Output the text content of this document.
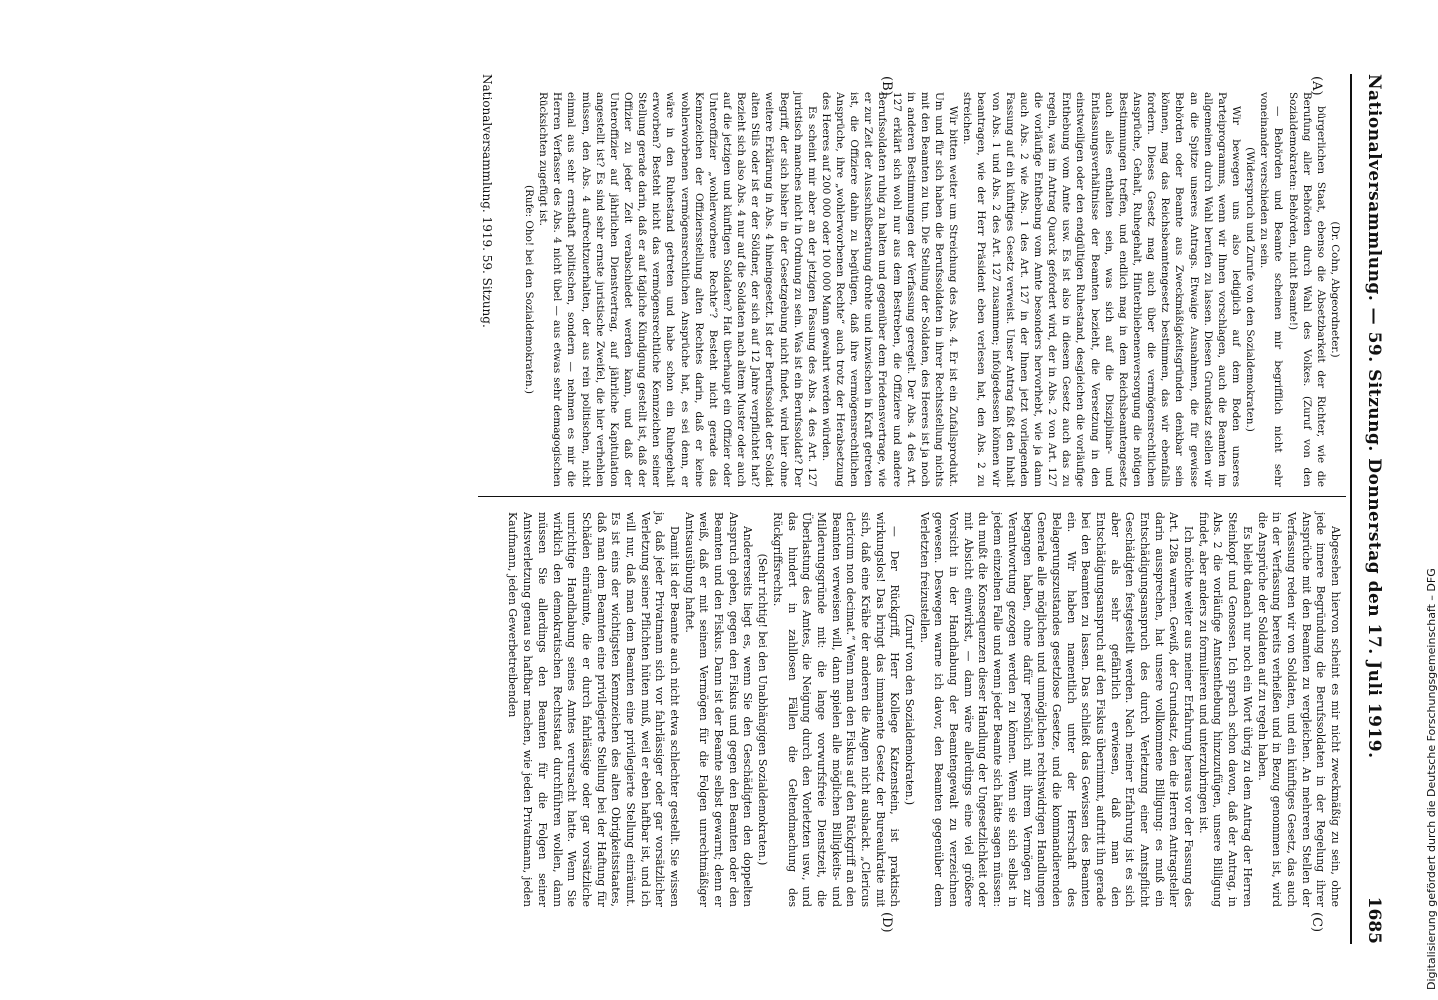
Nationalversammlung. — 59. Sitzung. Donnerstag den 17. Juli 1919.
1685
(A)
(B)
(C)
(D)

(Dr. Cohn, Abgeordneter.)

bürgerlichen Staat, ebenso die Absetzbarkeit der Richter, wie die Berufung aller Behörden durch Wahl des Volkes. (Zuruf von den Sozialdemokraten: Behörden, nicht Beamte!)

— Behörden und Beamte scheinen mir begrifflich nicht sehr voneinander verschieden zu sein.

(Widerspruch und Zurufe von den Sozialdemokraten.)

Wir bewegen uns also lediglich auf dem Boden unseres Parteiprogramms, wenn wir Ihnen vorschlagen, auch die Beamten im allgemeinen durch Wahl berufen zu lassen. Diesen Grundsatz stellen wir an die Spitze unseres Antrags. Etwaige Ausnahmen, die für gewisse Behörden oder Beamte aus Zweckmäßigkeitsgründen denkbar sein können, mag das Reichsbeamtengesetz bestimmen, das wir ebenfalls fordern. Dieses Gesetz mag auch über die vermögensrechtlichen Ansprüche, Gehalt, Ruhegehalt, Hinterbliebenenversorgung die nötigen Bestimmungen treffen, und endlich mag in dem Reichsbeamtengesetz auch alles enthalten sein, was sich auf die Disziplinar- und Entlassungsverhältnisse der Beamten bezieht, die Versetzung in den einstweiligen oder den endgültigen Ruhestand, desgleichen die vorläufige Enthebung vom Amte usw. Es ist also in diesem Gesetz auch das zu regeln, was im Antrag Quarck gefordert wird, der in Abs. 2 von Art. 127 die vorläufige Enthebung vom Amte besonders hervorhebt, wie ja dann auch Abs. 2 wie Abs. 1 des Art. 127 in der Ihnen jetzt vorliegenden Fassung auf ein künftiges Gesetz verweist. Unser Antrag faßt den Inhalt von Abs. 1 und Abs. 2 des Art. 127 zusammen; infolgedessen können wir beantragen, wie der Herr Präsident eben verlesen hat, den Abs. 2 zu streichen.

Wir bitten weiter um Streichung des Abs. 4. Er ist ein Zufallsprodukt. Um und für sich haben die Berufssoldaten in ihrer Rechtsstellung nichts mit den Beamten zu tun. Die Stellung der Soldaten, des Heeres ist ja noch in anderen Bestimmungen der Verfassung geregelt. Der Abs. 4 des Art. 127 erklärt sich wohl nur aus dem Bestreben, die Offiziere und andere Berufssoldaten ruhig zu halten und gegenüber dem Friedensvertrage, wie er zur Zeit der Ausschußberatung drohte und inzwischen in Kraft getreten ist, die Offiziere dahin zu begütigen, daß ihre vermögensrechtlichen Ansprüche, ihre „wohlerworbenen Rechte“ auch trotz der Herabsetzung des Heeres auf 200 000 oder 100 000 Mann gewahrt werden würden.

Es scheint mir aber an der jetzigen Fassung des Abs. 4 des Art. 127 juristisch manches nicht in Ordnung zu sein. Was ist ein Berufssoldat? Der Begriff, der sich bisher in der Gesetzgebung nicht findet, wird hier ohne weitere Erklärung in Abs. 4 hineingesetzt. Ist der Berufssoldat der Soldat alten Stils oder ist er der Söldner, der sich auf 12 Jahre verpflichtet hat? Bezieht sich also Abs. 4 nur auf die Soldaten nach altem Muster oder auch auf die jetzigen und künftigen Soldaten? Hat überhaupt ein Offizier oder Unteroffizier „wohlerworbene Rechte“? Besteht nicht gerade das Kennzeichen der Offiziersstellung alten Rechtes darin, daß er keine wohlerworbenen vermögensrechtlichen Ansprüche hat, es sei denn, er wäre in den Ruhestand getreten und habe schon ein Ruhegehalt erworben? Besteht nicht das vermögensrechtliche Kennzeichen seiner Stellung gerade darin, daß er auf tägliche Kündigung gestellt ist, daß der Offizier zu jeder Zeit verabschiedet werden kann, und daß der Unteroffizier auf jährlichen Dienstvertrag, auf jährliche Kapitulation angestellt ist? Es sind sehr ernste juristische Zweifel, die hier verhehlen müssen, den Abs. 4 aufrechtzuerhalten, der aus rein politischen, nicht einmal aus sehr ernsthaft politischen, sondern — nehmen es mir die Herren Verfasser des Abs. 4 nicht übel — aus etwas sehr demagogischen Rücksichten zugefügt ist.

(Rufe: Oho! bei den Sozialdemokraten.)

Abgesehen hiervon scheint es mir nicht zweckmäßig zu sein, ohne jede innere Begründung die Berufssoldaten in der Regelung ihrer Ansprüche mit den Beamten zu vergleichen. An mehreren Stellen der Verfassung reden wir von Soldaten, und ein künftiges Gesetz, das auch in der Verfassung bereits verheißen und in Bezug genommen ist, wird die Ansprüche der Soldaten auf zu regeln haben.

Es bleibt danach nur noch ein Wort übrig zu dem Antrag der Herren Steinkopf und Genossen. Ich sprach schon davon, daß der Antrag, in Abs. 2 die vorläufige Amtsenthebung hinzuzufügen, unsere Billigung findet, aber anders zu formulieren und unterzubringen ist.

Ich möchte weiter aus meiner Erfahrung heraus vor der Fassung des Art. 128a warnen. Gewiß, der Grundsatz, den die Herren Antragsteller darin aussprechen, hat unsere vollkommene Billigung: es muß ein Entschädigungsanspruch des durch Verletzung einer Amtspflicht Geschädigten festgestellt werden. Nach meiner Erfahrung ist es sich aber als sehr gefährlich erwiesen, daß man den Entschädigungsanspruch auf den Fiskus übernimmt, auftritt ihn gerade bei den Beamten zu lassen. Das schließt das Gewissen des Beamten ein. Wir haben namentlich unter der Herrschaft des Belagerungszustandes gesetzlose Gesetze, und die kommandierenden Generale alle möglichen und unmöglichen rechtswidrigen Handlungen begangen haben, ohne dafür persönlich mit ihrem Vermögen zur Verantwortung gezogen werden zu können. Wenn sie sich selbst in jedem einzelnen Falle und wenn jeder Beamte sich hätte sagen müssen: du mußt die Konsequenzen dieser Handlung der Ungesetzlichkeit oder mit Absicht einwirkst, — dann wäre allerdings eine viel größere Vorsicht in der Handhabung der Beamtengewalt zu verzeichnen gewesen. Deswegen warne ich davor, den Beamten gegenüber dem Verletzten freizustellen.

(Zuruf von den Sozialdemokraten.)

— Der Rückgriff, Herr Kollege Katzenstein, ist praktisch wirkungslos! Das bringt das immanente Gesetz der Bureaukratie mit sich, daß eine Krähe der anderen die Augen nicht aushackt. „Clericus clericum non decimat.“ Wenn man den Fiskus auf den Rückgriff an den Beamten verweisen will, dann spielen alle möglichen Billigkeits- und Milderungsgründe mit: die lange vorwurfsfreie Dienstzeit, die Überlastung des Amtes, die Neigung durch den Vorletzten usw., und das hindert in zahllosen Fällen die Geltendmachung des Rückgriffsrechts.

(Sehr richtig! bei den Unabhängigen Sozialdemokraten.)

Andererseits liegt es, wenn Sie den Geschädigten den doppelten Anspruch geben, gegen den Fiskus und gegen den Beamten oder den Beamten und den Fiskus. Dann ist der Beamte selbst gewarnt; denn er weiß, daß er mit seinem Vermögen für die Folgen unrechtmäßiger Amtsausübung haftet.

Damit ist der Beamte auch nicht etwa schlechter gestellt. Sie wissen ja, daß jeder Privatmann sich vor fahrlässiger oder gar vorsätzlicher Verletzung seiner Pflichten hüten muß, weil er eben haftbar ist, und ich will nur, daß man dem Beamten eine privilegierte Stellung einräumt. Es ist eins der wichtigsten Kennzeichen des alten Obrigkeitsstaates, daß man dem Beamten eine privilegierte Stellung bei der Haftung für Schäden einräumte, die er durch fahrlässige oder gar vorsätzliche unrichtige Handhabung seines Amtes verursacht hatte. Wenn Sie wirklich den demokratischen Rechtsstaat durchführen wollen, dann müssen Sie allerdings den Beamten für die Folgen seiner Amtsverletzung genau so haftbar machen, wie jeden Privatmann, jeden Kaufmann, jeden Gewerbetreibenden

Nationalversammlung. 1919. 59. Sitzung.
Digitalisierung gefördert durch die Deutsche Forschungsgemeinschaft – DFG
